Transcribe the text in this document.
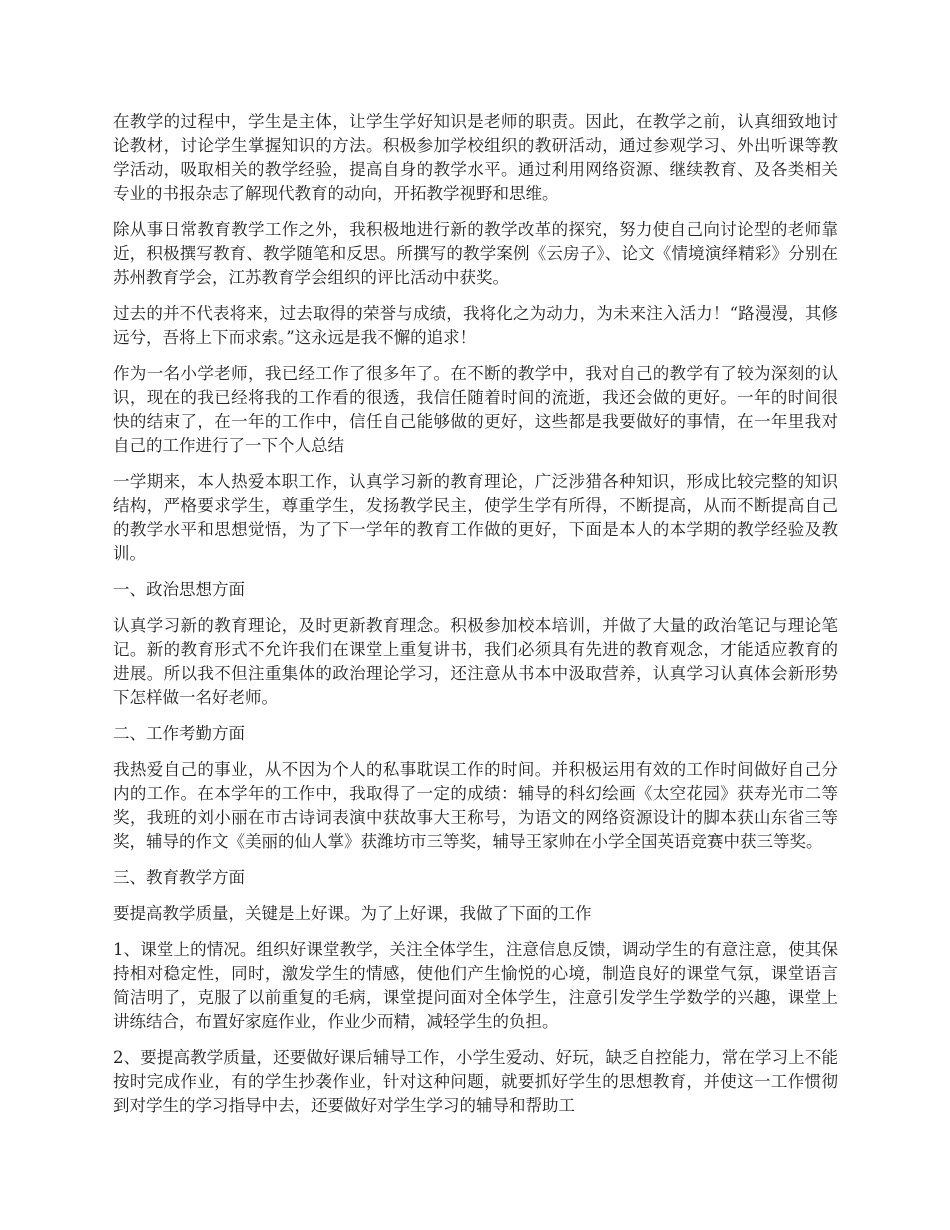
在教学的过程中，学生是主体，让学生学好知识是老师的职责。因此，在教学之前，认真细致地讨论教材，讨论学生掌握知识的方法。积极参加学校组织的教研活动，通过参观学习、外出听课等教学活动，吸取相关的教学经验，提高自身的教学水平。通过利用网络资源、继续教育、及各类相关专业的书报杂志了解现代教育的动向，开拓教学视野和思维。

除从事日常教育教学工作之外，我积极地进行新的教学改革的探究，努力使自己向讨论型的老师靠近，积极撰写教育、教学随笔和反思。所撰写的教学案例《云房子》、论文《情境演绎精彩》分别在苏州教育学会，江苏教育学会组织的评比活动中获奖。

过去的并不代表将来，过去取得的荣誉与成绩，我将化之为动力，为未来注入活力！“路漫漫，其修远兮，吾将上下而求索。”这永远是我不懈的追求！

作为一名小学老师，我已经工作了很多年了。在不断的教学中，我对自己的教学有了较为深刻的认识，现在的我已经将我的工作看的很透，我信任随着时间的流逝，我还会做的更好。一年的时间很快的结束了，在一年的工作中，信任自己能够做的更好，这些都是我要做好的事情，在一年里我对自己的工作进行了一下个人总结

一学期来，本人热爱本职工作，认真学习新的教育理论，广泛涉猎各种知识，形成比较完整的知识结构，严格要求学生，尊重学生，发扬教学民主，使学生学有所得，不断提高，从而不断提高自己的教学水平和思想觉悟，为了下一学年的教育工作做的更好，下面是本人的本学期的教学经验及教训。

一、政治思想方面

认真学习新的教育理论，及时更新教育理念。积极参加校本培训，并做了大量的政治笔记与理论笔记。新的教育形式不允许我们在课堂上重复讲书，我们必须具有先进的教育观念，才能适应教育的进展。所以我不但注重集体的政治理论学习，还注意从书本中汲取营养，认真学习认真体会新形势下怎样做一名好老师。

二、工作考勤方面

我热爱自己的事业，从不因为个人的私事耽误工作的时间。并积极运用有效的工作时间做好自己分内的工作。在本学年的工作中，我取得了一定的成绩：辅导的科幻绘画《太空花园》获寿光市二等奖，我班的刘小丽在市古诗词表演中获故事大王称号，为语文的网络资源设计的脚本获山东省三等奖，辅导的作文《美丽的仙人掌》获潍坊市三等奖，辅导王家帅在小学全国英语竞赛中获三等奖。

三、教育教学方面

要提高教学质量，关键是上好课。为了上好课，我做了下面的工作

1、课堂上的情况。组织好课堂教学，关注全体学生，注意信息反馈，调动学生的有意注意，使其保持相对稳定性，同时，激发学生的情感，使他们产生愉悦的心境，制造良好的课堂气氛，课堂语言简洁明了，克服了以前重复的毛病，课堂提问面对全体学生，注意引发学生学数学的兴趣，课堂上讲练结合，布置好家庭作业，作业少而精，减轻学生的负担。

2、要提高教学质量，还要做好课后辅导工作，小学生爱动、好玩，缺乏自控能力，常在学习上不能按时完成作业，有的学生抄袭作业，针对这种问题，就要抓好学生的思想教育，并使这一工作惯彻到对学生的学习指导中去，还要做好对学生学习的辅导和帮助工
